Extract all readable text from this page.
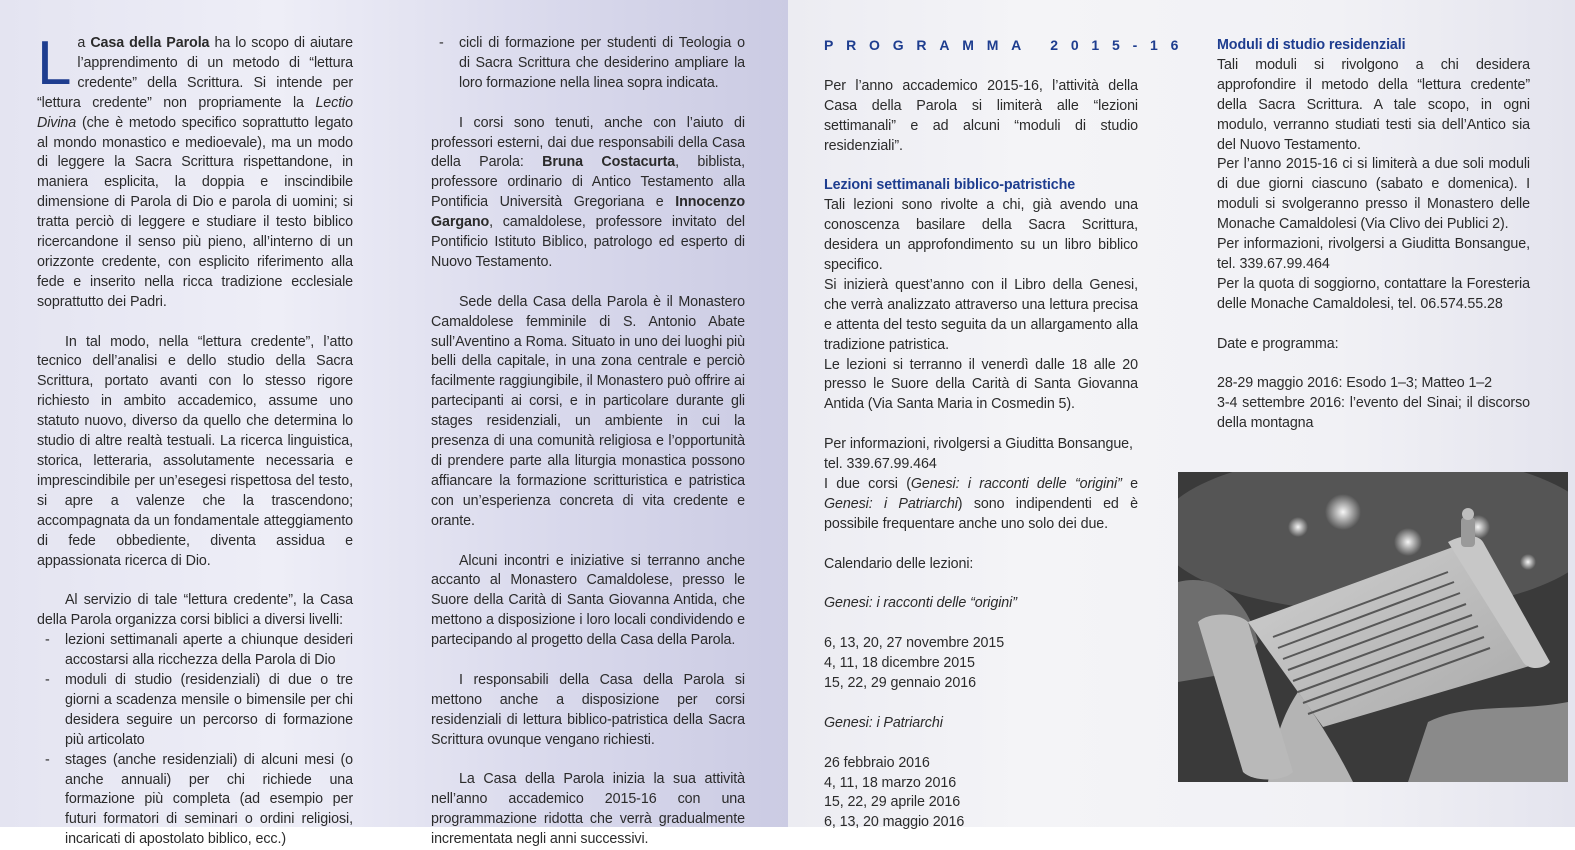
La Casa della Parola ha lo scopo di aiutare l’apprendimento di un metodo di “lettura credente” della Scrittura. Si intende per “lettura credente” non propriamente la Lectio Divina (che è metodo specifico soprattutto legato al mondo monastico e medioevale), ma un modo di leggere la Sacra Scrittura rispettandone, in maniera esplicita, la doppia e inscindibile dimensione di Parola di Dio e parola di uomini; si tratta perciò di leggere e studiare il testo biblico ricercandone il senso più pieno, all’interno di un orizzonte credente, con esplicito riferimento alla fede e inserito nella ricca tradizione ecclesiale soprattutto dei Padri.

In tal modo, nella “lettura credente”, l’atto tecnico dell’analisi e dello studio della Sacra Scrittura, portato avanti con lo stesso rigore richiesto in ambito accademico, assume uno statuto nuovo, diverso da quello che determina lo studio di altre realtà testuali. La ricerca linguistica, storica, letteraria, assolutamente necessaria e imprescindibile per un’esegesi rispettosa del testo, si apre a valenze che la trascendono; accompagnata da un fondamentale atteggiamento di fede obbediente, diventa assidua e appassionata ricerca di Dio.

Al servizio di tale “lettura credente”, la Casa della Parola organizza corsi biblici a diversi livelli:

- lezioni settimanali aperte a chiunque desideri accostarsi alla ricchezza della Parola di Dio
- moduli di studio (residenziali) di due o tre giorni a scadenza mensile o bimensile per chi desidera seguire un percorso di formazione più articolato
- stages (anche residenziali) di alcuni mesi (o anche annuali) per chi richiede una formazione più completa (ad esempio per futuri formatori di seminari o ordini religiosi, incaricati di apostolato biblico, ecc.)
- cicli di formazione per studenti di Teologia o di Sacra Scrittura che desiderino ampliare la loro formazione nella linea sopra indicata.

I corsi sono tenuti, anche con l’aiuto di professori esterni, dai due responsabili della Casa della Parola: Bruna Costacurta, biblista, professore ordinario di Antico Testamento alla Pontificia Università Gregoriana e Innocenzo Gargano, camaldolese, professore invitato del Pontificio Istituto Biblico, patrologo ed esperto di Nuovo Testamento.

Sede della Casa della Parola è il Monastero Camaldolese femminile di S. Antonio Abate sull’Aventino a Roma. Situato in uno dei luoghi più belli della capitale, in una zona centrale e perciò facilmente raggiungibile, il Monastero può offrire ai partecipanti ai corsi, e in particolare durante gli stages residenziali, un ambiente in cui la presenza di una comunità religiosa e l’opportunità di prendere parte alla liturgia monastica possono affiancare la formazione scritturistica e patristica con un’esperienza concreta di vita credente e orante.

Alcuni incontri e iniziative si terranno anche accanto al Monastero Camaldolese, presso le Suore della Carità di Santa Giovanna Antida, che mettono a disposizione i loro locali condividendo e partecipando al progetto della Casa della Parola.

I responsabili della Casa della Parola si mettono anche a disposizione per corsi residenziali di lettura biblico-patristica della Sacra Scrittura ovunque vengano richiesti.

La Casa della Parola inizia la sua attività nell’anno accademico 2015-16 con una programmazione ridotta che verrà gradualmente incrementata negli anni successivi.

PROGRAMMA 2015-16

Per l’anno accademico 2015-16, l’attività della Casa della Parola si limiterà alle “lezioni settimanali” e ad alcuni “moduli di studio residenziali”.

Lezioni settimanali biblico-patristiche

Tali lezioni sono rivolte a chi, già avendo una conoscenza basilare della Sacra Scrittura, desidera un approfondimento su un libro biblico specifico.

Si inizierà quest’anno con il Libro della Genesi, che verrà analizzato attraverso una lettura precisa e attenta del testo seguita da un allargamento alla tradizione patristica.

Le lezioni si terranno il venerdì dalle 18 alle 20 presso le Suore della Carità di Santa Giovanna Antida (Via Santa Maria in Cosmedin 5).

Per informazioni, rivolgersi a Giuditta Bonsangue,

tel. 339.67.99.464

I due corsi (Genesi: i racconti delle “origini” e Genesi: i Patriarchi) sono indipendenti ed è possibile frequentare anche uno solo dei due.

Calendario delle lezioni:

Genesi: i racconti delle “origini”

6, 13, 20, 27 novembre 2015

4, 11, 18 dicembre 2015

15, 22, 29 gennaio 2016

Genesi: i Patriarchi

26 febbraio 2016

4, 11, 18 marzo 2016

15, 22, 29 aprile 2016

6, 13, 20 maggio 2016

Moduli di studio residenziali

Tali moduli si rivolgono a chi desidera approfondire il metodo della “lettura credente” della Sacra Scrittura. A tale scopo, in ogni modulo, verranno studiati testi sia dell’Antico sia del Nuovo Testamento.

Per l’anno 2015-16 ci si limiterà a due soli moduli di due giorni ciascuno (sabato e domenica). I moduli si svolgeranno presso il Monastero delle Monache Camaldolesi (Via Clivo dei Publici 2).

Per informazioni, rivolgersi a Giuditta Bonsangue, tel. 339.67.99.464

Per la quota di soggiorno, contattare la Foresteria delle Monache Camaldolesi, tel. 06.574.55.28

Date e programma:

28-29 maggio 2016: Esodo 1–3; Matteo 1–2

3-4 settembre 2016: l’evento del Sinai; il discorso della montagna
